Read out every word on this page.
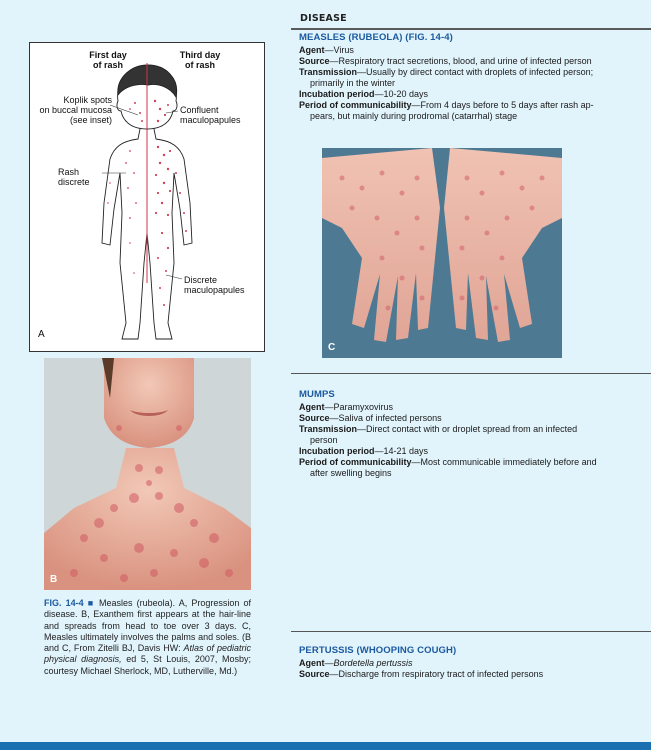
DISEASE
First day
of rash
Third day
of rash
Koplik spots
on buccal mucosa
(see inset)
Confluent
maculopapules
Rash
discrete
Discrete
maculopapules
A
B
FIG. 14-4 ■ Measles (rubeola). A, Progression of disease. B, Exanthem first appears at the hair-line and spreads from head to toe over 3 days. C, Measles ultimately involves the palms and soles. (B and C, From Zitelli BJ, Davis HW: Atlas of pediatric physical diagnosis, ed 5, St Louis, 2007, Mosby; courtesy Michael Sherlock, MD, Lutherville, Md.)
MEASLES (RUBEOLA) (FIG. 14-4)
Agent—Virus
Source—Respiratory tract secretions, blood, and urine of infected person
Transmission—Usually by direct contact with droplets of infected person;
primarily in the winter
Incubation period—10-20 days
Period of communicability—From 4 days before to 5 days after rash ap-
pears, but mainly during prodromal (catarrhal) stage
C
MUMPS
Agent—Paramyxovirus
Source—Saliva of infected persons
Transmission—Direct contact with or droplet spread from an infected
person
Incubation period—14-21 days
Period of communicability—Most communicable immediately before and
after swelling begins
PERTUSSIS (WHOOPING COUGH)
Agent—Bordetella pertussis
Source—Discharge from respiratory tract of infected persons
